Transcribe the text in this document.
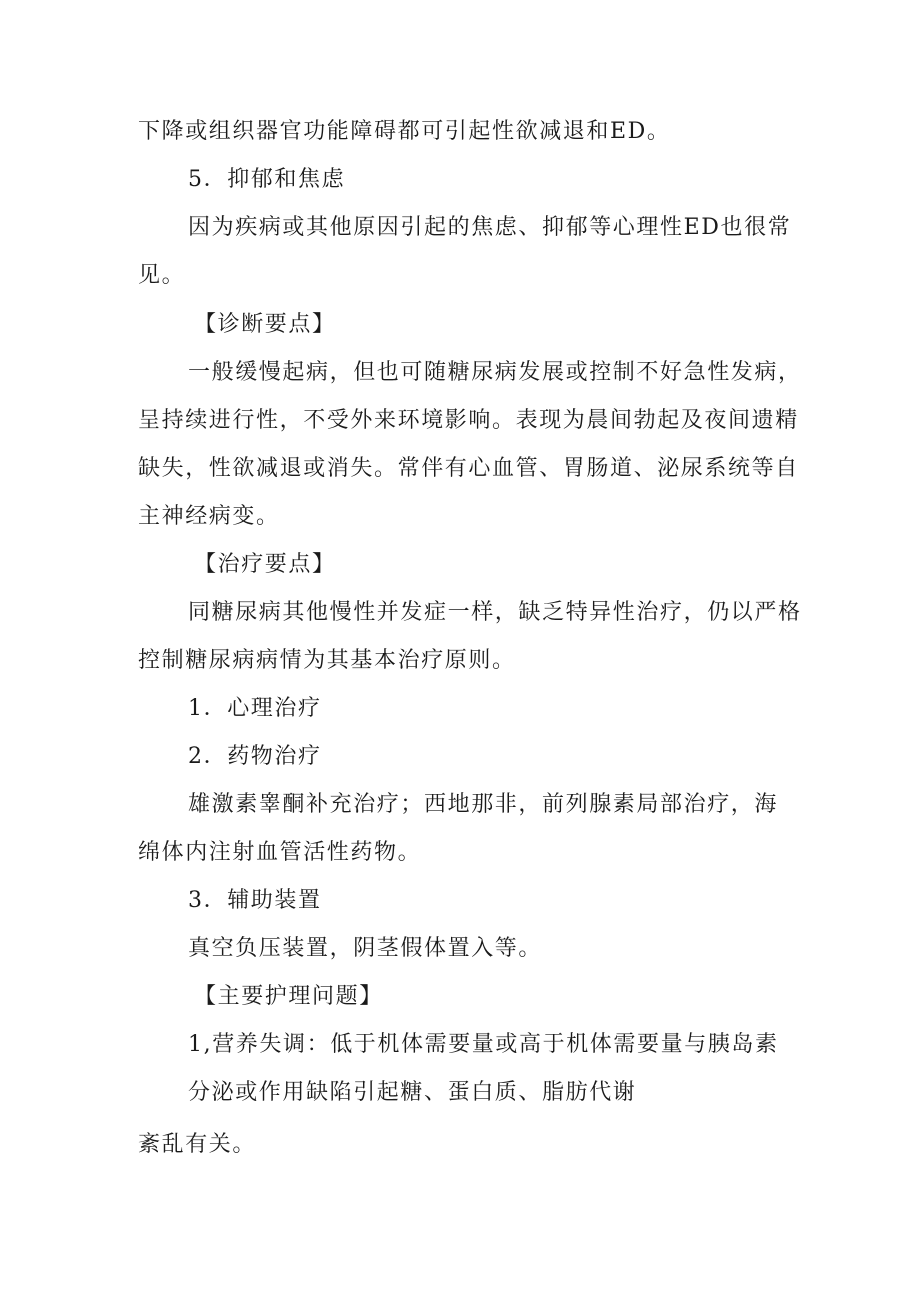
下降或组织器官功能障碍都可引起性欲减退和ED。
5．抑郁和焦虑
因为疾病或其他原因引起的焦虑、抑郁等心理性ED也很常
见。
【诊断要点】
一般缓慢起病，但也可随糖尿病发展或控制不好急性发病，
呈持续进行性，不受外来环境影响。表现为晨间勃起及夜间遗精
缺失，性欲减退或消失。常伴有心血管、胃肠道、泌尿系统等自
主神经病变。
【治疗要点】
同糖尿病其他慢性并发症一样，缺乏特异性治疗，仍以严格
控制糖尿病病情为其基本治疗原则。
1．心理治疗
2．药物治疗
雄激素睾酮补充治疗；西地那非，前列腺素局部治疗，海
绵体内注射血管活性药物。
3．辅助装置
真空负压装置，阴茎假体置入等。
【主要护理问题】
1,营养失调：低于机体需要量或高于机体需要量与胰岛素
分泌或作用缺陷引起糖、蛋白质、脂肪代谢
紊乱有关。
